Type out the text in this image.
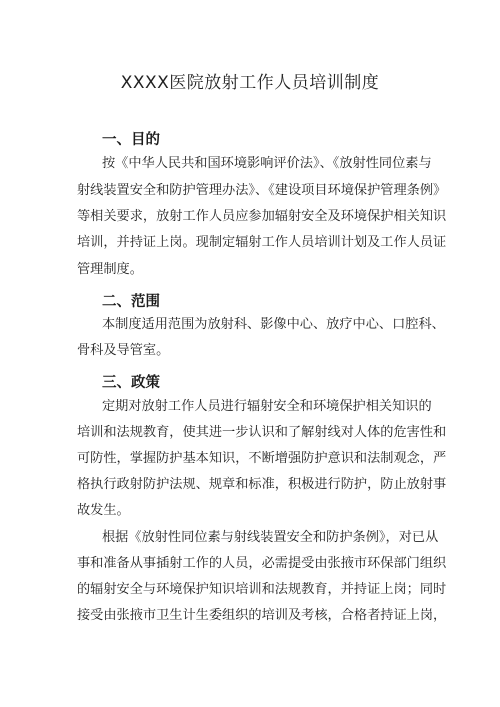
XXXX医院放射工作人员培训制度
一、目的
按《中华人民共和国环境影响评价法》、《放射性同位素与
射线装置安全和防护管理办法》、《建设项目环境保护管理条例》
等相关要求，放射工作人员应参加辐射安全及环境保护相关知识
培训，并持证上岗。现制定辐射工作人员培训计划及工作人员证
管理制度。
二、范围
本制度适用范围为放射科、影像中心、放疗中心、口腔科、
骨科及导管室。
三、政策
定期对放射工作人员进行辐射安全和环境保护相关知识的
培训和法规教育，使其进一步认识和了解射线对人体的危害性和
可防性，掌握防护基本知识，不断增强防护意识和法制观念，严
格执行政射防护法规、规章和标准，积极进行防护，防止放射事
故发生。
根据《放射性同位素与射线装置安全和防护条例》，对已从
事和准备从事插射工作的人员，必需提受由张掖市环保部门组织
的辐射安全与环境保护知识培训和法规教育，并持证上岗；同时
接受由张掖市卫生计生委组织的培训及考核，合格者持证上岗，
